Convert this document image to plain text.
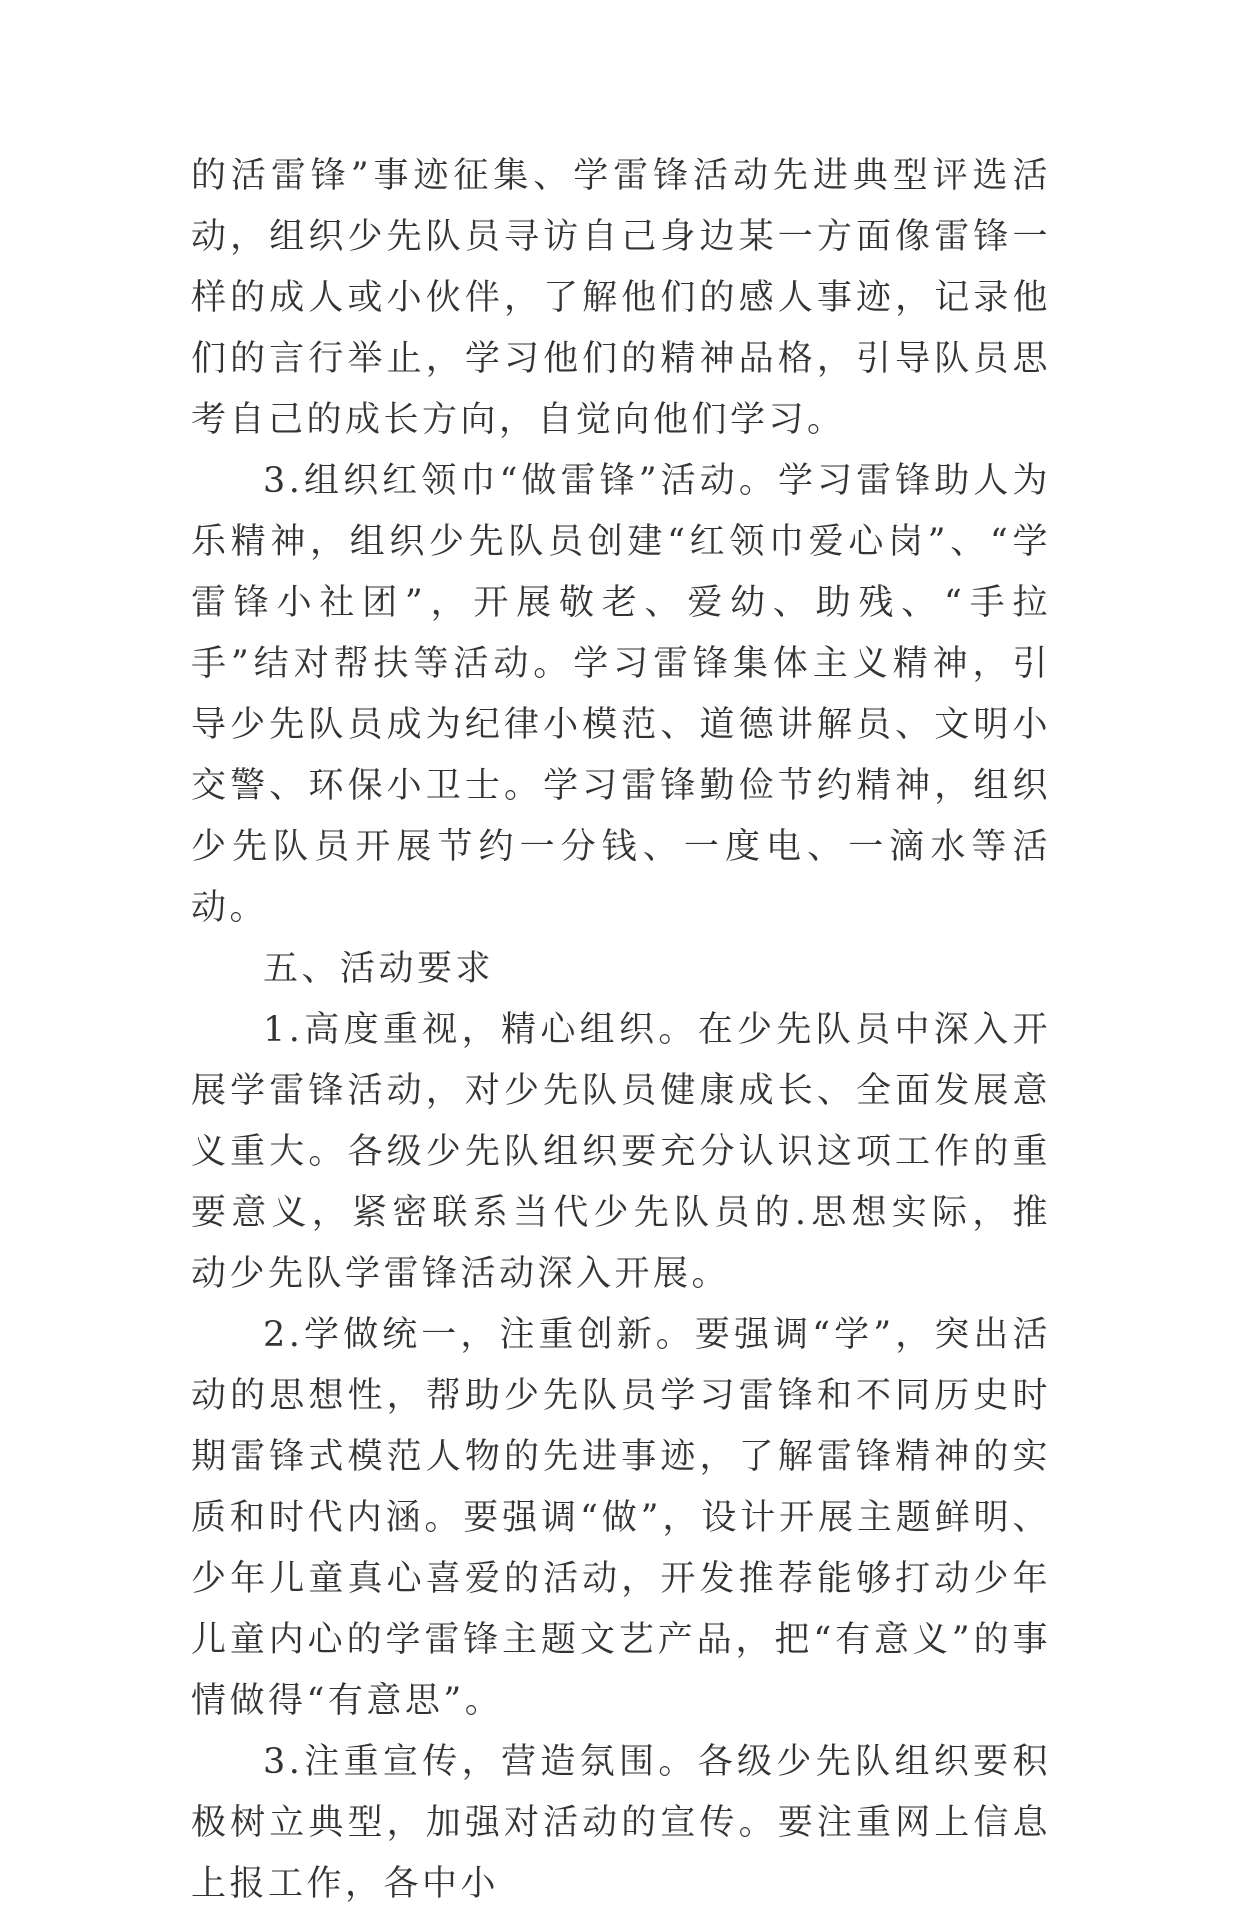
的活雷锋”事迹征集、学雷锋活动先进典型评选活动，组织少先队员寻访自己身边某一方面像雷锋一样的成人或小伙伴，了解他们的感人事迹，记录他们的言行举止，学习他们的精神品格，引导队员思考自己的成长方向，自觉向他们学习。

3.组织红领巾“做雷锋”活动。学习雷锋助人为乐精神，组织少先队员创建“红领巾爱心岗”、“学雷锋小社团”，开展敬老、爱幼、助残、“手拉手”结对帮扶等活动。学习雷锋集体主义精神，引导少先队员成为纪律小模范、道德讲解员、文明小交警、环保小卫士。学习雷锋勤俭节约精神，组织少先队员开展节约一分钱、一度电、一滴水等活动。

五、活动要求

1.高度重视，精心组织。在少先队员中深入开展学雷锋活动，对少先队员健康成长、全面发展意义重大。各级少先队组织要充分认识这项工作的重要意义，紧密联系当代少先队员的.思想实际，推动少先队学雷锋活动深入开展。

2.学做统一，注重创新。要强调“学”，突出活动的思想性，帮助少先队员学习雷锋和不同历史时期雷锋式模范人物的先进事迹，了解雷锋精神的实质和时代内涵。要强调“做”，设计开展主题鲜明、少年儿童真心喜爱的活动，开发推荐能够打动少年儿童内心的学雷锋主题文艺产品，把“有意义”的事情做得“有意思”。

3.注重宣传，营造氛围。各级少先队组织要积极树立典型，加强对活动的宣传。要注重网上信息上报工作，各中小
